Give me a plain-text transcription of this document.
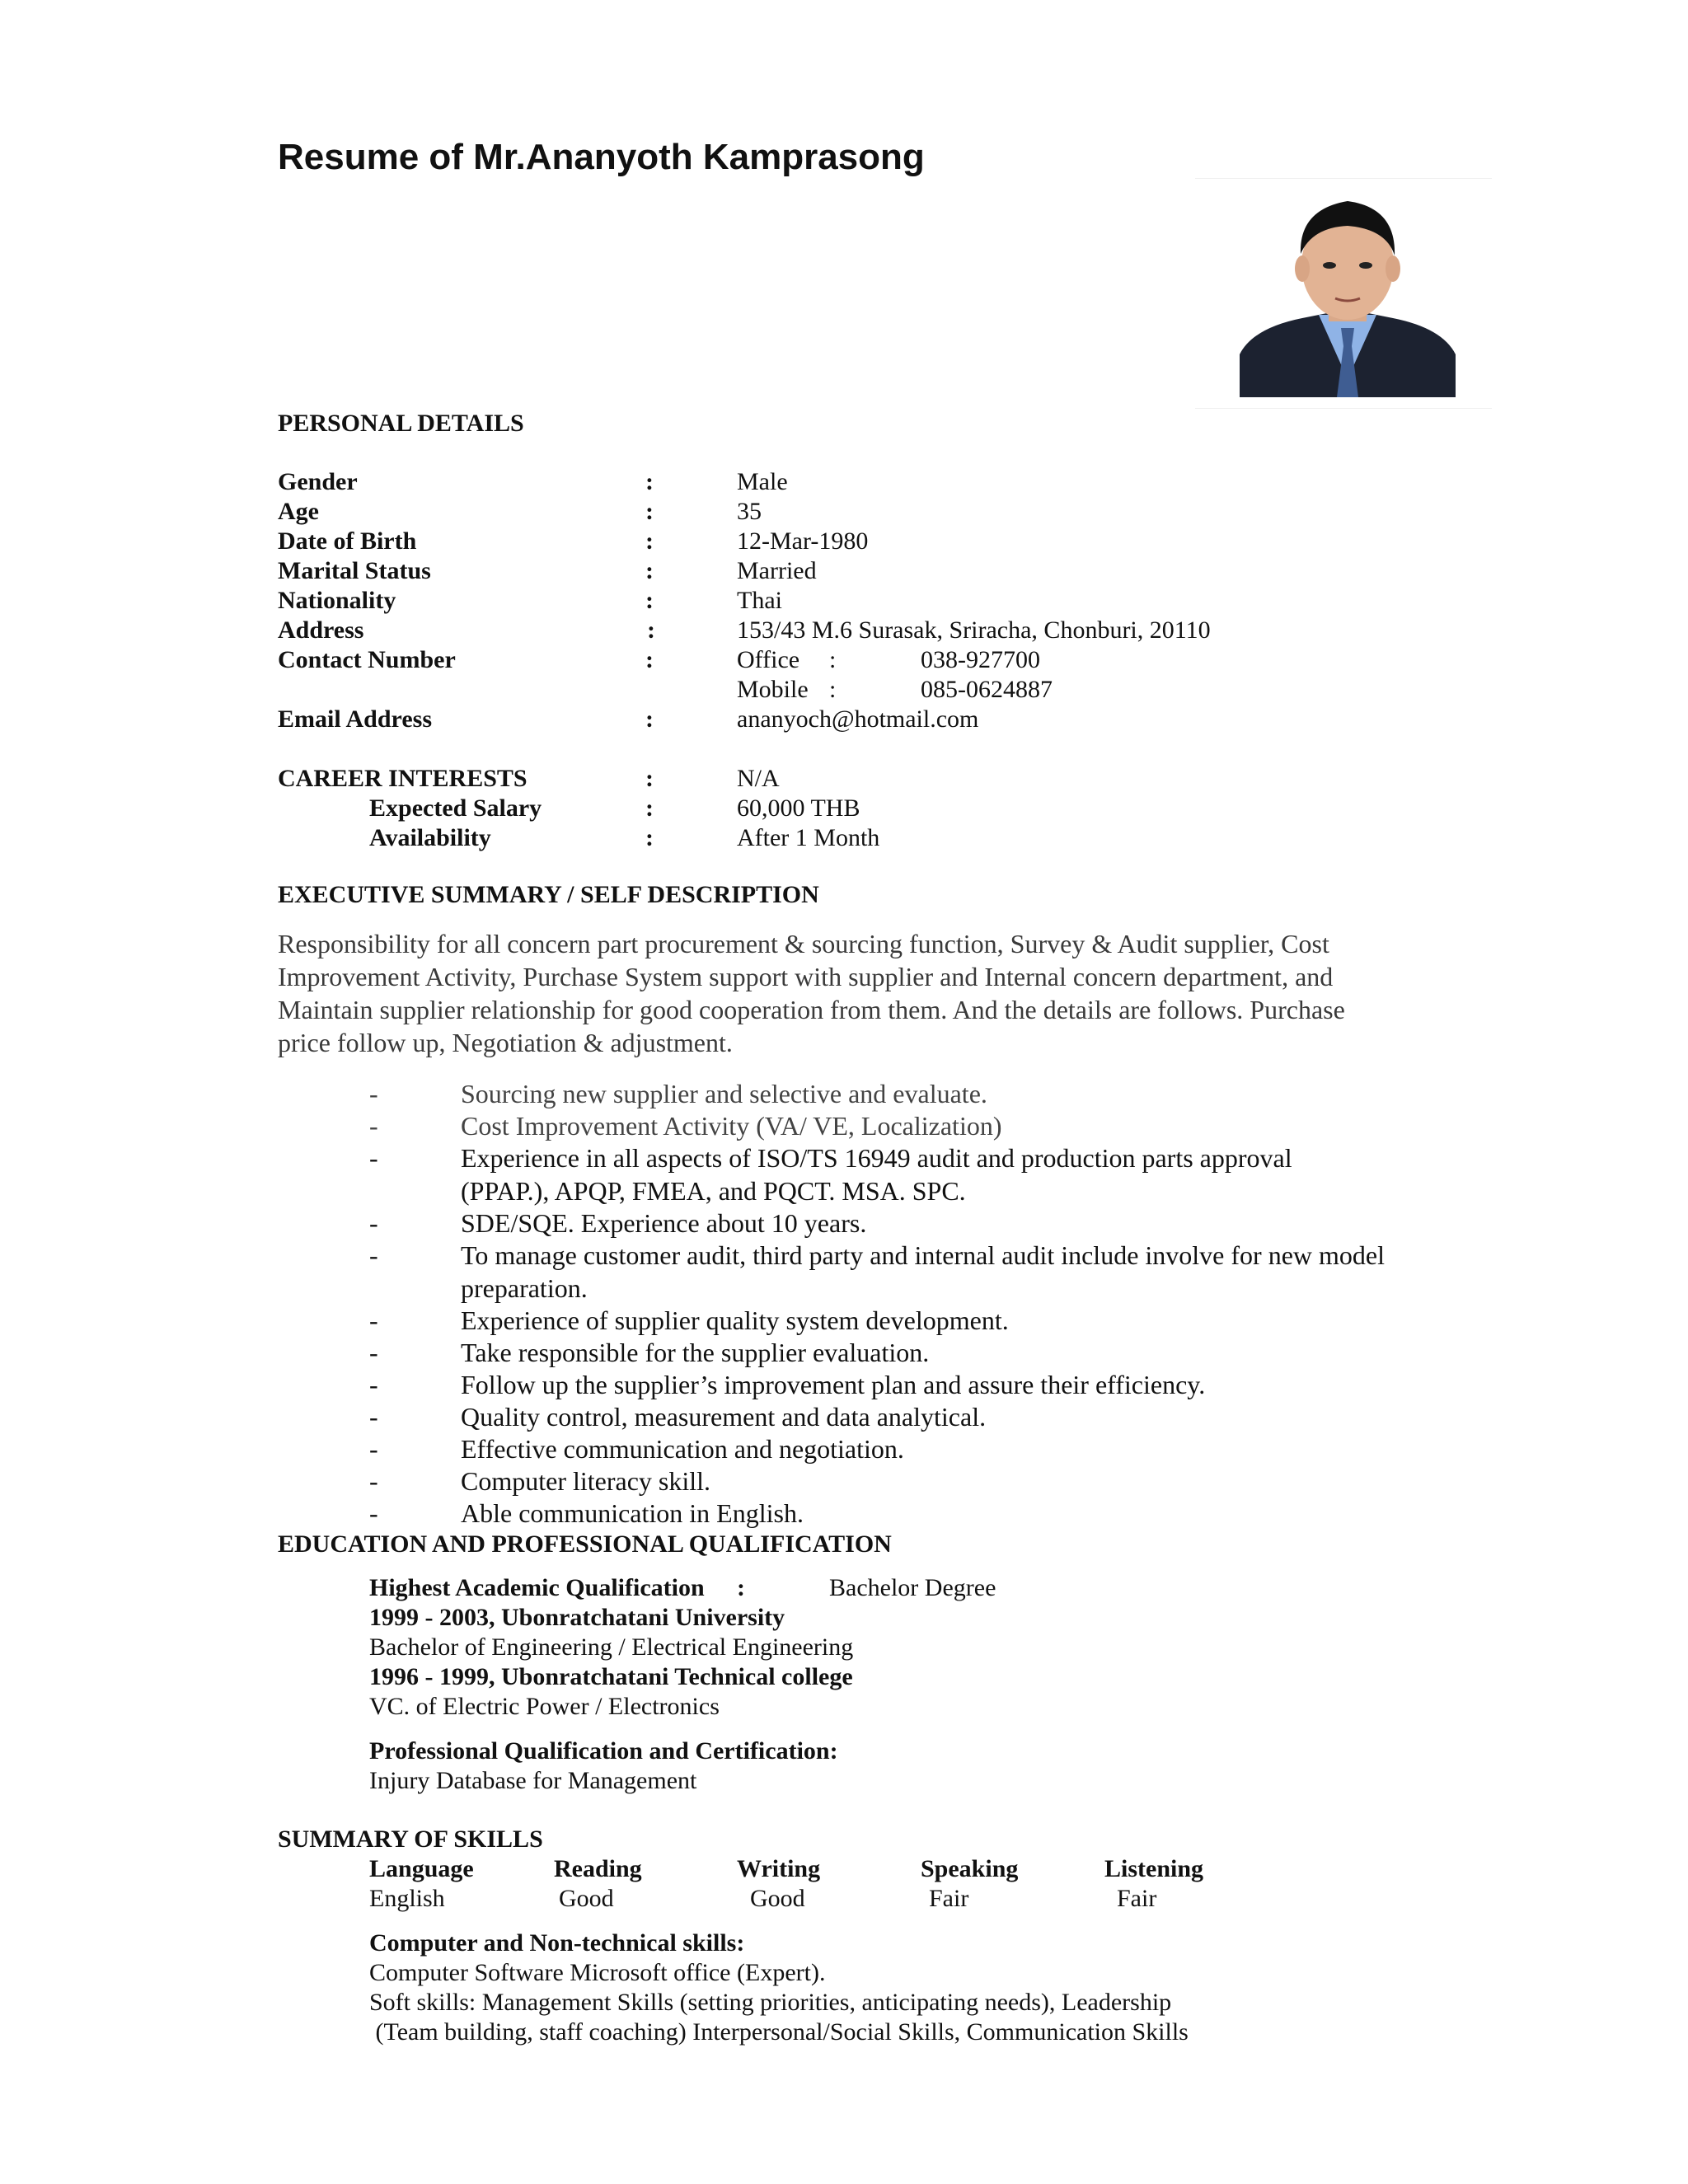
Resume of Mr.Ananyoth Kamprasong
PERSONAL DETAILS
Gender	:	Male
Age	:	35
Date of Birth	:	12-Mar-1980
Marital Status	:	Married
Nationality	:	Thai
Address	:	153/43 M.6 Surasak, Sriracha, Chonburi, 20110
Contact Number	:	Office :	038-927700
Mobile :	085-0624887
Email Address	:	ananyoch@hotmail.com
CAREER INTERESTS	:	N/A
Expected Salary	:	60,000 THB
Availability	:	After 1 Month
EXECUTIVE SUMMARY / SELF DESCRIPTION
Responsibility for all concern part procurement & sourcing function, Survey & Audit supplier, Cost
Improvement Activity, Purchase System support with supplier and Internal concern department, and
Maintain supplier relationship for good cooperation from them. And the details are follows. Purchase
price follow up, Negotiation & adjustment.
-	Sourcing new supplier and selective and evaluate.
-	Cost Improvement Activity (VA/ VE, Localization)
-	Experience in all aspects of ISO/TS 16949 audit and production parts approval
(PPAP.), APQP, FMEA, and PQCT. MSA. SPC.
-	SDE/SQE. Experience about 10 years.
-	To manage customer audit, third party and internal audit include involve for new model
preparation.
-	Experience of supplier quality system development.
-	Take responsible for the supplier evaluation.
-	Follow up the supplier’s improvement plan and assure their efficiency.
-	Quality control, measurement and data analytical.
-	Effective communication and negotiation.
-	Computer literacy skill.
-	Able communication in English.
EDUCATION AND PROFESSIONAL QUALIFICATION
Highest Academic Qualification :	Bachelor Degree
1999 - 2003, Ubonratchatani University
Bachelor of Engineering / Electrical Engineering
1996 - 1999, Ubonratchatani Technical college
VC. of Electric Power / Electronics
Professional Qualification and Certification:
Injury Database for Management
SUMMARY OF SKILLS
Language	Reading	Writing	Speaking	Listening
English	Good	Good	Fair	Fair
Computer and Non-technical skills:
Computer Software Microsoft office (Expert).
Soft skills: Management Skills (setting priorities, anticipating needs), Leadership
(Team building, staff coaching) Interpersonal/Social Skills, Communication Skills
